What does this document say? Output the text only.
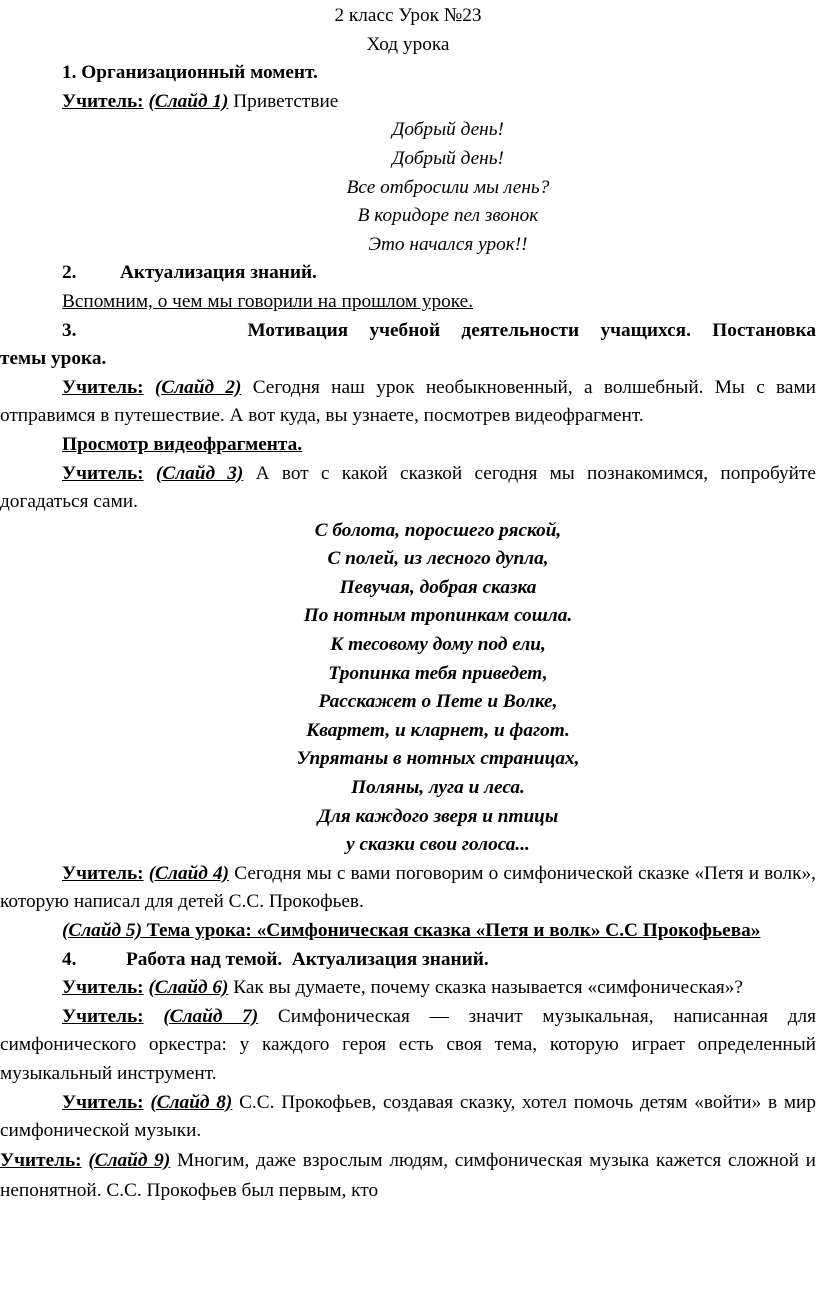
2 класс Урок №23

Ход урока

1. Организационный момент.

Учитель: (Слайд 1) Приветствие

Добрый день!

Добрый день!

Все отбросили мы лень?

В коридоре пел звонок

Это начался урок!!

2. Актуализация знаний.

Вспомним, о чем мы говорили на прошлом уроке.

3.        Мотивация учебной деятельности учащихся. Постановка

темы урока.

Учитель: (Слайд 2) Сегодня наш урок необыкновенный, а волшебный. Мы с вами отправимся в путешествие. А вот куда, вы узнаете, посмотрев видеофрагмент.

Просмотр видеофрагмента.

Учитель: (Слайд 3) А вот с какой сказкой сегодня мы познакомимся, попробуйте догадаться сами.

С болота, поросшего ряской,

С полей, из лесного дупла,

Певучая, добрая сказка

По нотным тропинкам сошла.

К тесовому дому под ели,

Тропинка тебя приведет,

Расскажет о Пете и Волке,

Квартет, и кларнет, и фагот.

Упрятаны в нотных страницах,

Поляны, луга и леса.

Для каждого зверя и птицы

у сказки свои голоса...

Учитель: (Слайд 4) Сегодня мы с вами поговорим о симфонической сказке «Петя и волк», которую написал для детей С.С. Прокофьев.

(Слайд 5) Тема урока: «Симфоническая сказка «Петя и волк» С.С Прокофьева»

4.	Работа над темой.  Актуализация знаний.

Учитель: (Слайд 6) Как вы думаете, почему сказка называется «симфоническая»?

Учитель: (Слайд 7) Симфоническая — значит музыкальная, написанная для симфонического оркестра: у каждого героя есть своя тема, которую играет определенный музыкальный инструмент.

Учитель: (Слайд 8) С.С. Прокофьев, создавая сказку, хотел помочь детям «войти» в мир симфонической музыки.

Учитель: (Слайд 9) Многим, даже взрослым людям, симфоническая музыка кажется сложной и непонятной. С.С. Прокофьев был первым, кто
